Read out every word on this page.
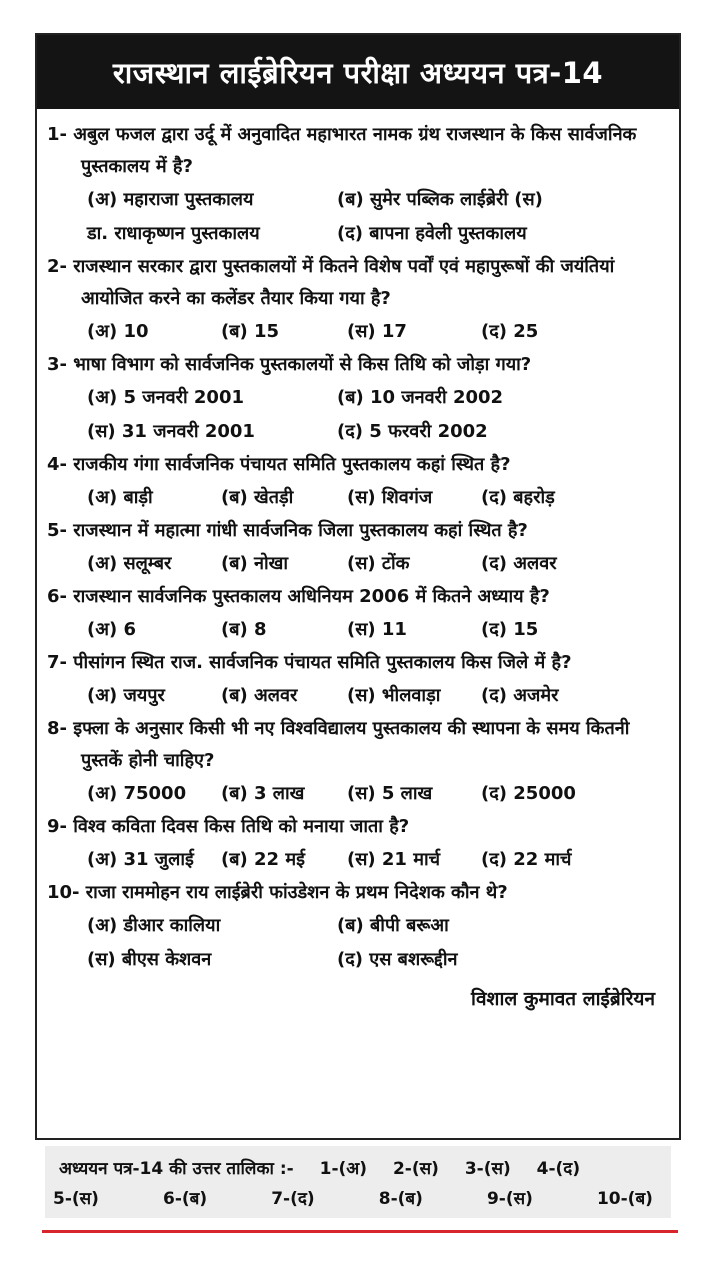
राजस्थान लाईब्रेरियन परीक्षा अध्ययन पत्र-14
1- अबुल फजल द्वारा उर्दू में अनुवादित महाभारत नामक ग्रंथ राजस्थान के किस सार्वजनिक पुस्तकालय में है?
(अ) महाराजा पुस्तकालय	(ब) सुमेर पब्लिक लाईब्रेरी (स)
डा. राधाकृष्णन पुस्तकालय	(द) बापना हवेली पुस्तकालय
2- राजस्थान सरकार द्वारा पुस्तकालयों में कितने विशेष पर्वों एवं महापुरूषों की जयंतियां आयोजित करने का कलेंडर तैयार किया गया है?
(अ) 10	(ब) 15	(स) 17	(द) 25
3- भाषा विभाग को सार्वजनिक पुस्तकालयों से किस तिथि को जोड़ा गया?
(अ) 5 जनवरी 2001	(ब) 10 जनवरी 2002
(स) 31 जनवरी 2001	(द) 5 फरवरी 2002
4- राजकीय गंगा सार्वजनिक पंचायत समिति पुस्तकालय कहां स्थित है?
(अ) बाड़ी	(ब) खेतड़ी	(स) शिवगंज	(द) बहरोड़
5- राजस्थान में महात्मा गांधी सार्वजनिक जिला पुस्तकालय कहां स्थित है?
(अ) सलूम्बर	(ब) नोखा	(स) टोंक	(द) अलवर
6- राजस्थान सार्वजनिक पुस्तकालय अधिनियम 2006 में कितने अध्याय है?
(अ) 6	(ब) 8	(स) 11	(द) 15
7- पीसांगन स्थित राज. सार्वजनिक पंचायत समिति पुस्तकालय किस जिले में है?
(अ) जयपुर	(ब) अलवर	(स) भीलवाड़ा	(द) अजमेर
8- इफ्ला के अनुसार किसी भी नए विश्वविद्यालय पुस्तकालय की स्थापना के समय कितनी पुस्तकें होनी चाहिए?
(अ) 75000	(ब) 3 लाख	(स) 5 लाख	(द) 25000
9- विश्व कविता दिवस किस तिथि को मनाया जाता है?
(अ) 31 जुलाई	(ब) 22 मई	(स) 21 मार्च	(द) 22 मार्च
10- राजा राममोहन राय लाईब्रेरी फांउडेशन के प्रथम निदेशक कौन थे?
(अ) डीआर कालिया	(ब) बीपी बरूआ
(स) बीएस केशवन	(द) एस बशरूद्दीन
विशाल कुमावत लाईब्रेरियन
अध्ययन पत्र-14 की उत्तर तालिका :- 1-(अ) 2-(स) 3-(स) 4-(द)
5-(स)	6-(ब)	7-(द)	8-(ब)	9-(स)	10-(ब)
